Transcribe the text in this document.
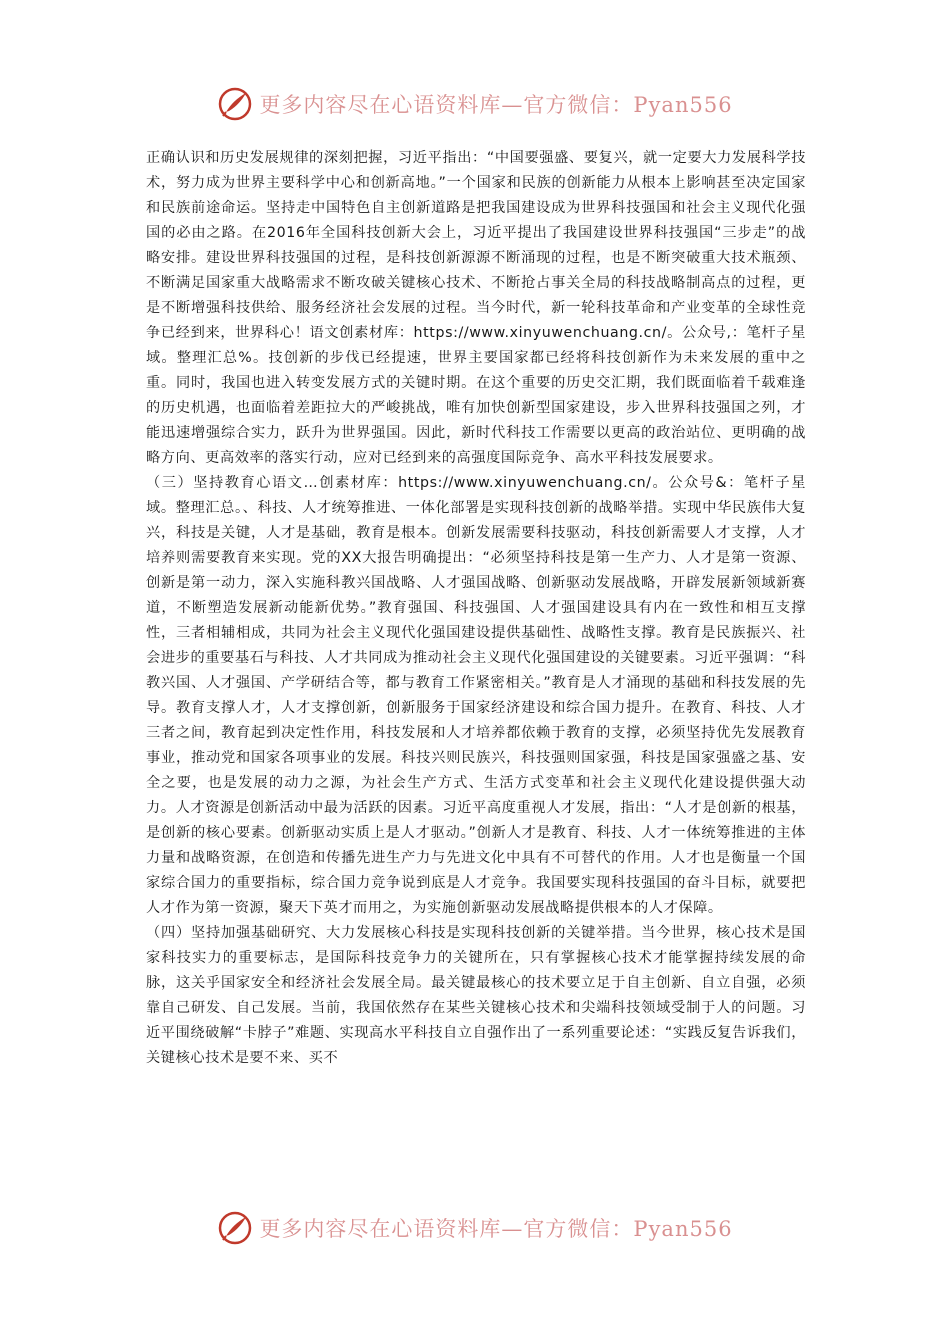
更多内容尽在心语资料库—官方微信：Pyan556

正确认识和历史发展规律的深刻把握，习近平指出：“中国要强盛、要复兴，就一定要大力发展科学技术，努力成为世界主要科学中心和创新高地。”一个国家和民族的创新能力从根本上影响甚至决定国家和民族前途命运。坚持走中国特色自主创新道路是把我国建设成为世界科技强国和社会主义现代化强国的必由之路。在2016年全国科技创新大会上，习近平提出了我国建设世界科技强国“三步走”的战略安排。建设世界科技强国的过程，是科技创新源源不断涌现的过程，也是不断突破重大技术瓶颈、不断满足国家重大战略需求不断攻破关键核心技术、不断抢占事关全局的科技战略制高点的过程，更是不断增强科技供给、服务经济社会发展的过程。当今时代，新一轮科技革命和产业变革的全球性竞争已经到来，世界科心！语文创素材库：https://www.xinyuwenchuang.cn/。公众号,：笔杆子星域。整理汇总%。技创新的步伐已经提速，世界主要国家都已经将科技创新作为未来发展的重中之重。同时，我国也进入转变发展方式的关键时期。在这个重要的历史交汇期，我们既面临着千载难逢的历史机遇，也面临着差距拉大的严峻挑战，唯有加快创新型国家建设，步入世界科技强国之列，才能迅速增强综合实力，跃升为世界强国。因此，新时代科技工作需要以更高的政治站位、更明确的战略方向、更高效率的落实行动，应对已经到来的高强度国际竞争、高水平科技发展要求。

（三）坚持教育心语文…创素材库：https://www.xinyuwenchuang.cn/。公众号&：笔杆子星域。整理汇总。、科技、人才统筹推进、一体化部署是实现科技创新的战略举措。实现中华民族伟大复兴，科技是关键，人才是基础，教育是根本。创新发展需要科技驱动，科技创新需要人才支撑，人才培养则需要教育来实现。党的XX大报告明确提出：“必须坚持科技是第一生产力、人才是第一资源、创新是第一动力，深入实施科教兴国战略、人才强国战略、创新驱动发展战略，开辟发展新领域新赛道，不断塑造发展新动能新优势。”教育强国、科技强国、人才强国建设具有内在一致性和相互支撑性，三者相辅相成，共同为社会主义现代化强国建设提供基础性、战略性支撑。教育是民族振兴、社会进步的重要基石与科技、人才共同成为推动社会主义现代化强国建设的关键要素。习近平强调：“科教兴国、人才强国、产学研结合等，都与教育工作紧密相关。”教育是人才涌现的基础和科技发展的先导。教育支撑人才，人才支撑创新，创新服务于国家经济建设和综合国力提升。在教育、科技、人才三者之间，教育起到决定性作用，科技发展和人才培养都依赖于教育的支撑，必须坚持优先发展教育事业，推动党和国家各项事业的发展。科技兴则民族兴，科技强则国家强，科技是国家强盛之基、安全之要，也是发展的动力之源，为社会生产方式、生活方式变革和社会主义现代化建设提供强大动力。人才资源是创新活动中最为活跃的因素。习近平高度重视人才发展，指出：“人才是创新的根基，是创新的核心要素。创新驱动实质上是人才驱动。”创新人才是教育、科技、人才一体统筹推进的主体力量和战略资源，在创造和传播先进生产力与先进文化中具有不可替代的作用。人才也是衡量一个国家综合国力的重要指标，综合国力竞争说到底是人才竞争。我国要实现科技强国的奋斗目标，就要把人才作为第一资源，聚天下英才而用之，为实施创新驱动发展战略提供根本的人才保障。

（四）坚持加强基础研究、大力发展核心科技是实现科技创新的关键举措。当今世界，核心技术是国家科技实力的重要标志，是国际科技竞争力的关键所在，只有掌握核心技术才能掌握持续发展的命脉，这关乎国家安全和经济社会发展全局。最关键最核心的技术要立足于自主创新、自立自强，必须靠自己研发、自己发展。当前，我国依然存在某些关键核心技术和尖端科技领域受制于人的问题。习近平围绕破解“卡脖子”难题、实现高水平科技自立自强作出了一系列重要论述：“实践反复告诉我们，关键核心技术是要不来、买不

更多内容尽在心语资料库—官方微信：Pyan556
